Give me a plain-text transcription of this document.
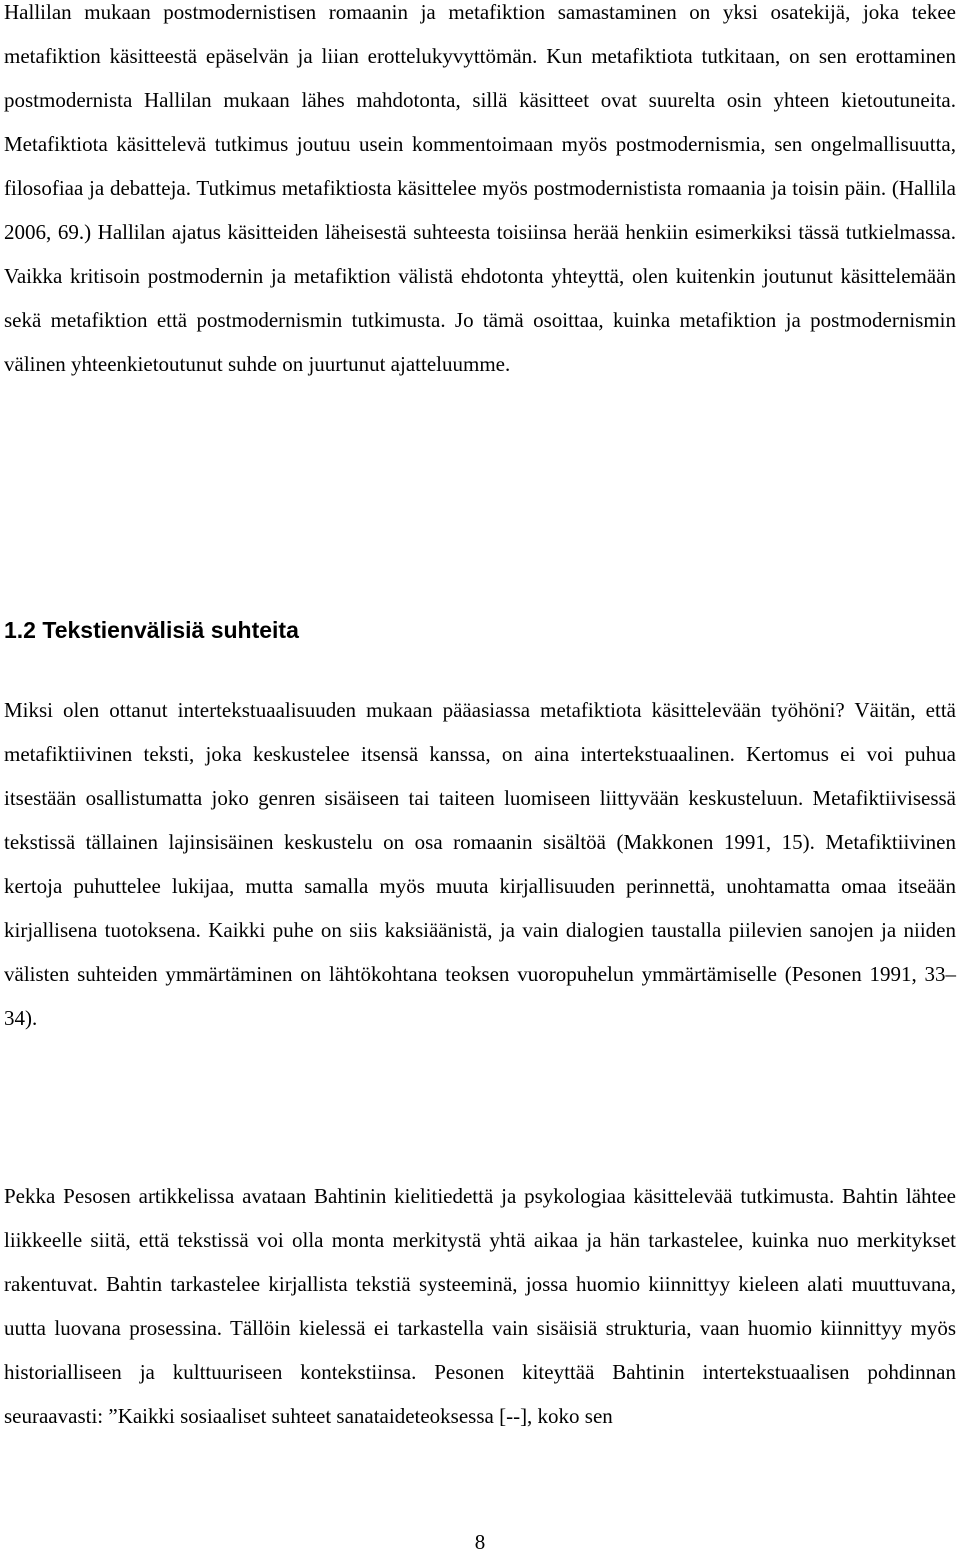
Hallilan mukaan postmodernistisen romaanin ja metafiktion samastaminen on yksi osatekijä, joka tekee metafiktion käsitteestä epäselvän ja liian erottelukyvyttömän. Kun metafiktiota tutkitaan, on sen erottaminen postmodernista Hallilan mukaan lähes mahdotonta, sillä käsitteet ovat suurelta osin yhteen kietoutuneita. Metafiktiota käsittelevä tutkimus joutuu usein kommentoimaan myös postmodernismia, sen ongelmallisuutta, filosofiaa ja debatteja. Tutkimus metafiktiosta käsittelee myös postmodernistista romaania ja toisin päin. (Hallila 2006, 69.) Hallilan ajatus käsitteiden läheisestä suhteesta toisiinsa herää henkiin esimerkiksi tässä tutkielmassa. Vaikka kritisoin postmodernin ja metafiktion välistä ehdotonta yhteyttä, olen kuitenkin joutunut käsittelemään sekä metafiktion että postmodernismin tutkimusta. Jo tämä osoittaa, kuinka metafiktion ja postmodernismin välinen yhteenkietoutunut suhde on juurtunut ajatteluumme.

1.2 Tekstienvälisiä suhteita

Miksi olen ottanut intertekstuaalisuuden mukaan pääasiassa metafiktiota käsittelevään työhöni? Väitän, että metafiktiivinen teksti, joka keskustelee itsensä kanssa, on aina intertekstuaalinen. Kertomus ei voi puhua itsestään osallistumatta joko genren sisäiseen tai taiteen luomiseen liittyvään keskusteluun. Metafiktiivisessä tekstissä tällainen lajinsisäinen keskustelu on osa romaanin sisältöä (Makkonen 1991, 15). Metafiktiivinen kertoja puhuttelee lukijaa, mutta samalla myös muuta kirjallisuuden perinnettä, unohtamatta omaa itseään kirjallisena tuotoksena. Kaikki puhe on siis kaksiäänistä, ja vain dialogien taustalla piilevien sanojen ja niiden välisten suhteiden ymmärtäminen on lähtökohtana teoksen vuoropuhelun ymmärtämiselle (Pesonen 1991, 33–34).

Pekka Pesosen artikkelissa avataan Bahtinin kielitiedettä ja psykologiaa käsittelevää tutkimusta. Bahtin lähtee liikkeelle siitä, että tekstissä voi olla monta merkitystä yhtä aikaa ja hän tarkastelee, kuinka nuo merkitykset rakentuvat. Bahtin tarkastelee kirjallista tekstiä systeeminä, jossa huomio kiinnittyy kieleen alati muuttuvana, uutta luovana prosessina. Tällöin kielessä ei tarkastella vain sisäisiä strukturia, vaan huomio kiinnittyy myös historialliseen ja kulttuuriseen kontekstiinsa. Pesonen kiteyttää Bahtinin intertekstuaalisen pohdinnan seuraavasti: ”Kaikki sosiaaliset suhteet sanataideteoksessa [--], koko sen

8
